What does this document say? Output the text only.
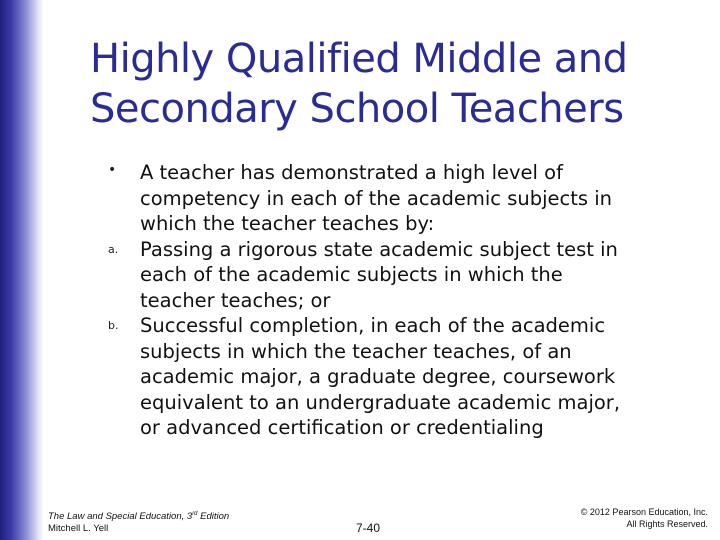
Highly Qualified Middle and
Secondary School Teachers
•	A teacher has demonstrated a high level of
competency in each of the academic subjects in
which the teacher teaches by:
a.	Passing a rigorous state academic subject test in
each of the academic subjects in which the
teacher teaches; or
b.	Successful completion, in each of the academic
subjects in which the teacher teaches, of an
academic major, a graduate degree, coursework
equivalent to an undergraduate academic major,
or advanced certification or credentialing
The Law and Special Education, 3rd Edition
Mitchell L. Yell	7-40
© 2012 Pearson Education, Inc.
All Rights Reserved.
